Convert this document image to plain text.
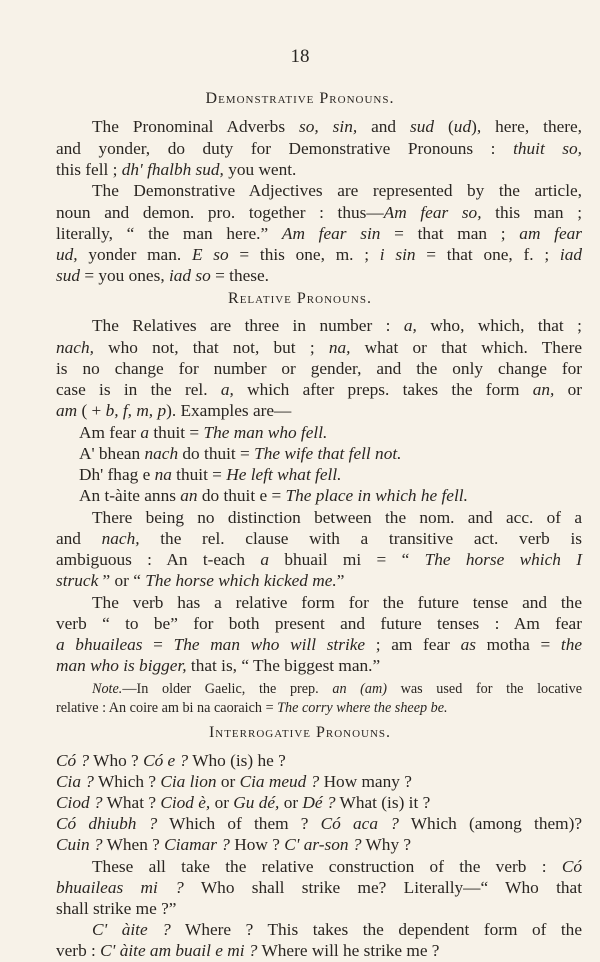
18
Demonstrative Pronouns.
The Pronominal Adverbs so, sin, and sud (ud), here, there,
and yonder, do duty for Demonstrative Pronouns : thuit so,
this fell ; dh' fhalbh sud, you went.
The Demonstrative Adjectives are represented by the article,
noun and demon. pro. together : thus—Am fear so, this man ;
literally, “ the man here.” Am fear sin = that man ; am fear
ud, yonder man. E so = this one, m. ; i sin = that one, f. ; iad
sud = you ones, iad so = these.
Relative Pronouns.
The Relatives are three in number : a, who, which, that ;
nach, who not, that not, but ; na, what or that which. There
is no change for number or gender, and the only change for
case is in the rel. a, which after preps. takes the form an, or
am ( + b, f, m, p). Examples are—
Am fear a thuit = The man who fell.
A' bhean nach do thuit = The wife that fell not.
Dh' fhag e na thuit = He left what fell.
An t-àite anns an do thuit e = The place in which he fell.
There being no distinction between the nom. and acc. of a
and nach, the rel. clause with a transitive act. verb is
ambiguous : An t-each a bhuail mi = “ The horse which I
struck ” or “ The horse which kicked me.”
The verb has a relative form for the future tense and the
verb “ to be” for both present and future tenses : Am fear
a bhuaileas = The man who will strike ; am fear as motha = the
man who is bigger, that is, “ The biggest man.”
Note.—In older Gaelic, the prep. an (am) was used for the locative
relative : An coire am bi na caoraich = The corry where the sheep be.
Interrogative Pronouns.
Có ? Who ? Có e ? Who (is) he ?
Cia ? Which ? Cia lion or Cia meud ? How many ?
Ciod ? What ? Ciod è, or Gu dé, or Dé ? What (is) it ?
Có dhiubh ? Which of them ? Có aca ? Which (among them)?
Cuin ? When ? Ciamar ? How ? C' ar-son ? Why ?
These all take the relative construction of the verb : Có
bhuaileas mi ? Who shall strike me? Literally—“ Who that
shall strike me ?”
C' àite ? Where ? This takes the dependent form of the
verb : C' àite am buail e mi ? Where will he strike me ?
